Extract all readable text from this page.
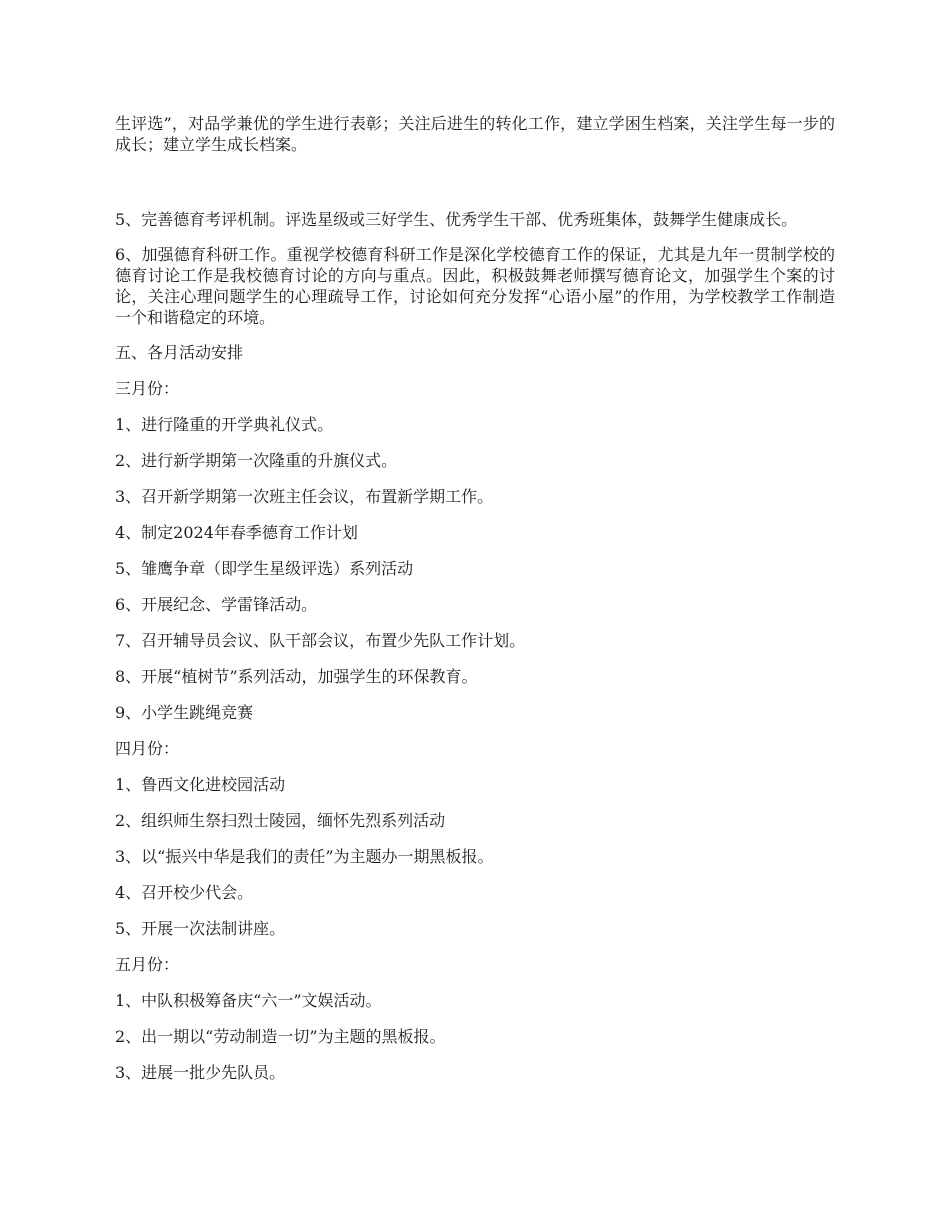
生评选”，对品学兼优的学生进行表彰；关注后进生的转化工作，建立学困生档案，关注学生每一步的成长；建立学生成长档案。

5、完善德育考评机制。评选星级或三好学生、优秀学生干部、优秀班集体，鼓舞学生健康成长。

6、加强德育科研工作。重视学校德育科研工作是深化学校德育工作的保证，尤其是九年一贯制学校的德育讨论工作是我校德育讨论的方向与重点。因此，积极鼓舞老师撰写德育论文，加强学生个案的讨论，关注心理问题学生的心理疏导工作，讨论如何充分发挥“心语小屋”的作用，为学校教学工作制造一个和谐稳定的环境。

五、各月活动安排
三月份：
1、进行隆重的开学典礼仪式。
2、进行新学期第一次隆重的升旗仪式。
3、召开新学期第一次班主任会议，布置新学期工作。
4、制定2024年春季德育工作计划
5、雏鹰争章（即学生星级评选）系列活动
6、开展纪念、学雷锋活动。
7、召开辅导员会议、队干部会议，布置少先队工作计划。
8、开展“植树节”系列活动，加强学生的环保教育。
9、小学生跳绳竞赛
四月份：
1、鲁西文化进校园活动
2、组织师生祭扫烈士陵园，缅怀先烈系列活动
3、以“振兴中华是我们的责任”为主题办一期黑板报。
4、召开校少代会。
5、开展一次法制讲座。
五月份：
1、中队积极筹备庆“六一”文娱活动。
2、出一期以“劳动制造一切”为主题的黑板报。
3、进展一批少先队员。
